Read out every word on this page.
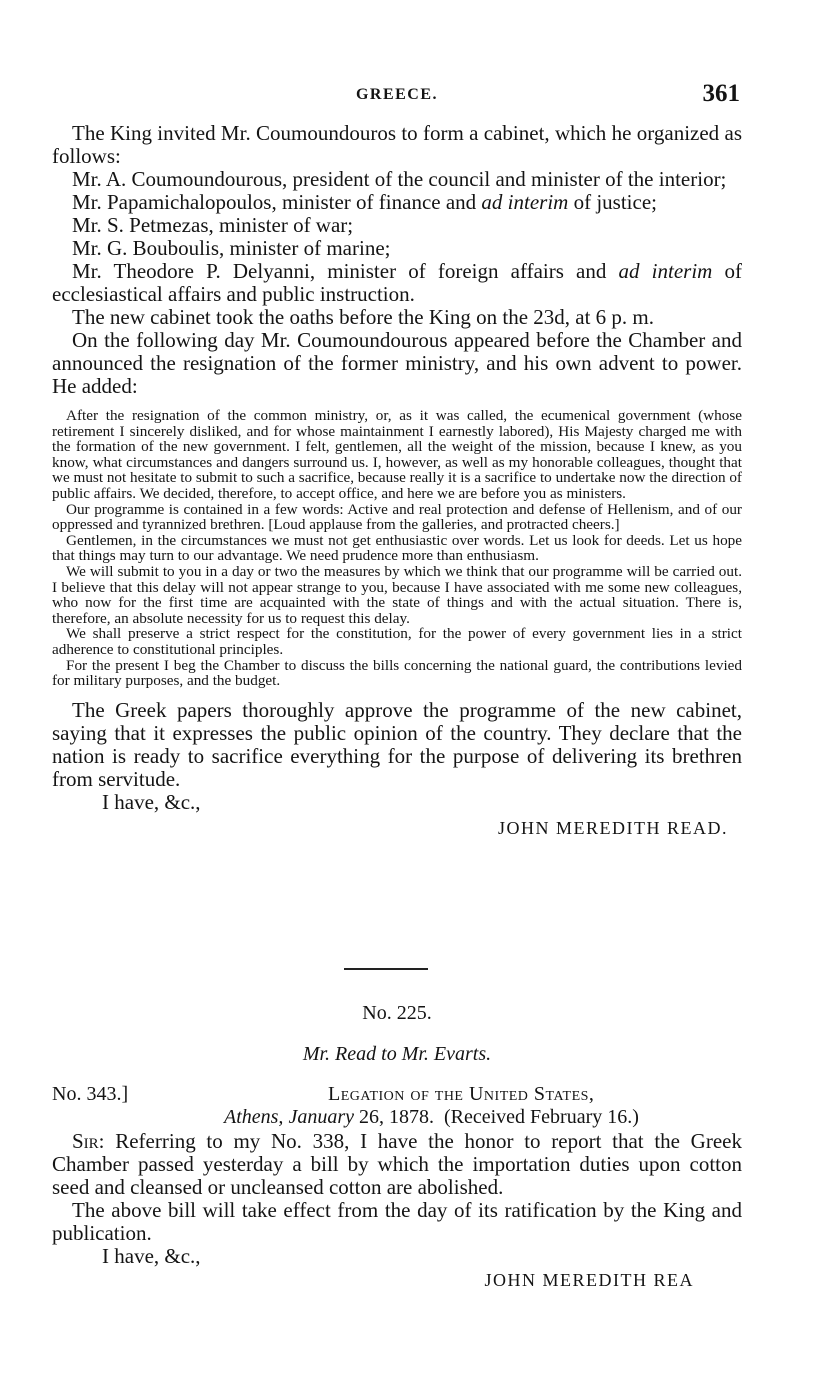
GREECE.	361

The King invited Mr. Coumoundouros to form a cabinet, which he organized as follows:

Mr. A. Coumoundourous, president of the council and minister of the interior;

Mr. Papamichalopoulos, minister of finance and ad interim of justice;

Mr. S. Petmezas, minister of war;

Mr. G. Bouboulis, minister of marine;

Mr. Theodore P. Delyanni, minister of foreign affairs and ad interim of ecclesiastical affairs and public instruction.

The new cabinet took the oaths before the King on the 23d, at 6 p. m.

On the following day Mr. Coumoundourous appeared before the Chamber and announced the resignation of the former ministry, and his own advent to power. He added:

After the resignation of the common ministry, or, as it was called, the ecumenical government (whose retirement I sincerely disliked, and for whose maintainment I earnestly labored), His Majesty charged me with the formation of the new government. I felt, gentlemen, all the weight of the mission, because I knew, as you know, what circumstances and dangers surround us. I, however, as well as my honorable colleagues, thought that we must not hesitate to submit to such a sacrifice, because really it is a sacrifice to undertake now the direction of public affairs. We decided, therefore, to accept office, and here we are before you as ministers.

Our programme is contained in a few words: Active and real protection and defense of Hellenism, and of our oppressed and tyrannized brethren. [Loud applause from the galleries, and protracted cheers.]

Gentlemen, in the circumstances we must not get enthusiastic over words. Let us look for deeds. Let us hope that things may turn to our advantage. We need prudence more than enthusiasm.

We will submit to you in a day or two the measures by which we think that our programme will be carried out. I believe that this delay will not appear strange to you, because I have associated with me some new colleagues, who now for the first time are acquainted with the state of things and with the actual situation. There is, therefore, an absolute necessity for us to request this delay.

We shall preserve a strict respect for the constitution, for the power of every government lies in a strict adherence to constitutional principles.

For the present I beg the Chamber to discuss the bills concerning the national guard, the contributions levied for military purposes, and the budget.

The Greek papers thoroughly approve the programme of the new cabinet, saying that it expresses the public opinion of the country. They declare that the nation is ready to sacrifice everything for the purpose of delivering its brethren from servitude.

I have, &c.,

JOHN MEREDITH READ.

No. 225.
Mr. Read to Mr. Evarts.
No. 343.]	Legation of the United States,
Athens, January 26, 1878. (Received February 16.)

Sir: Referring to my No. 338, I have the honor to report that the Greek Chamber passed yesterday a bill by which the importation duties upon cotton seed and cleansed or uncleansed cotton are abolished.

The above bill will take effect from the day of its ratification by the King and publication.

I have, &c.,

JOHN MEREDITH REA
